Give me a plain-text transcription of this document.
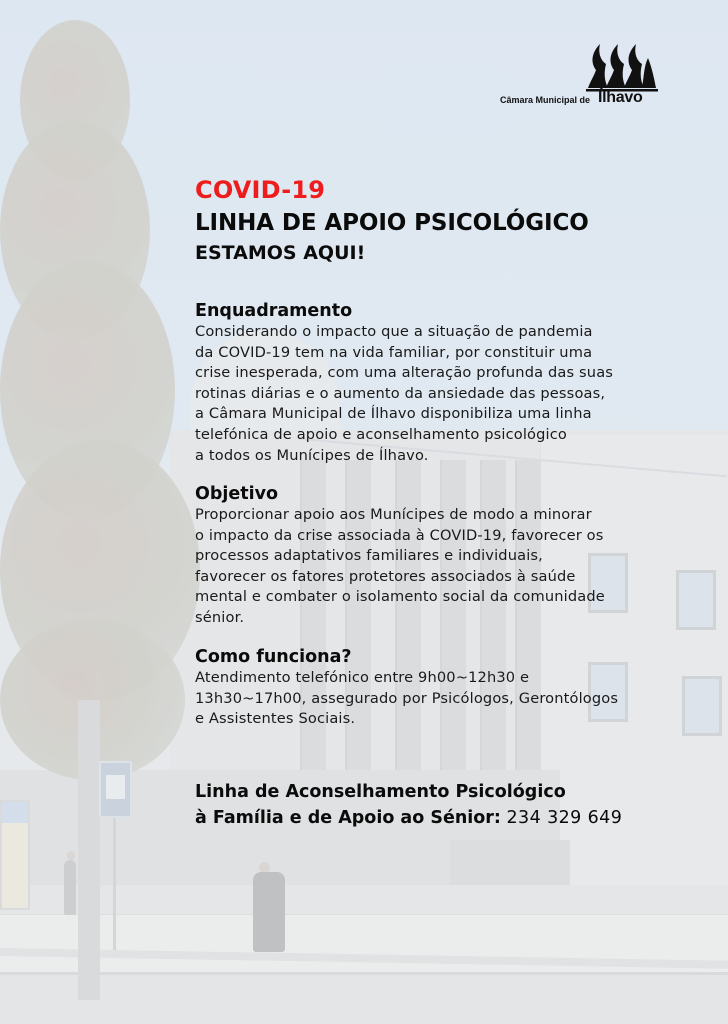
Câmara Municipal de Ílhavo
COVID-19
LINHA DE APOIO PSICOLÓGICO
ESTAMOS AQUI!
Enquadramento
Considerando o impacto que a situação de pandemia
da COVID-19 tem na vida familiar, por constituir uma
crise inesperada, com uma alteração profunda das suas
rotinas diárias e o aumento da ansiedade das pessoas,
a Câmara Municipal de Ílhavo disponibiliza uma linha
telefónica de apoio e aconselhamento psicológico
a todos os Munícipes de Ílhavo.
Objetivo
Proporcionar apoio aos Munícipes de modo a minorar
o impacto da crise associada à COVID-19, favorecer os
processos adaptativos familiares e individuais,
favorecer os fatores protetores associados à saúde
mental e combater o isolamento social da comunidade
sénior.
Como funciona?
Atendimento telefónico entre 9h00~12h30 e
13h30~17h00, assegurado por Psicólogos, Gerontólogos
e Assistentes Sociais.
Linha de Aconselhamento Psicológico
à Família e de Apoio ao Sénior: 234 329 649
